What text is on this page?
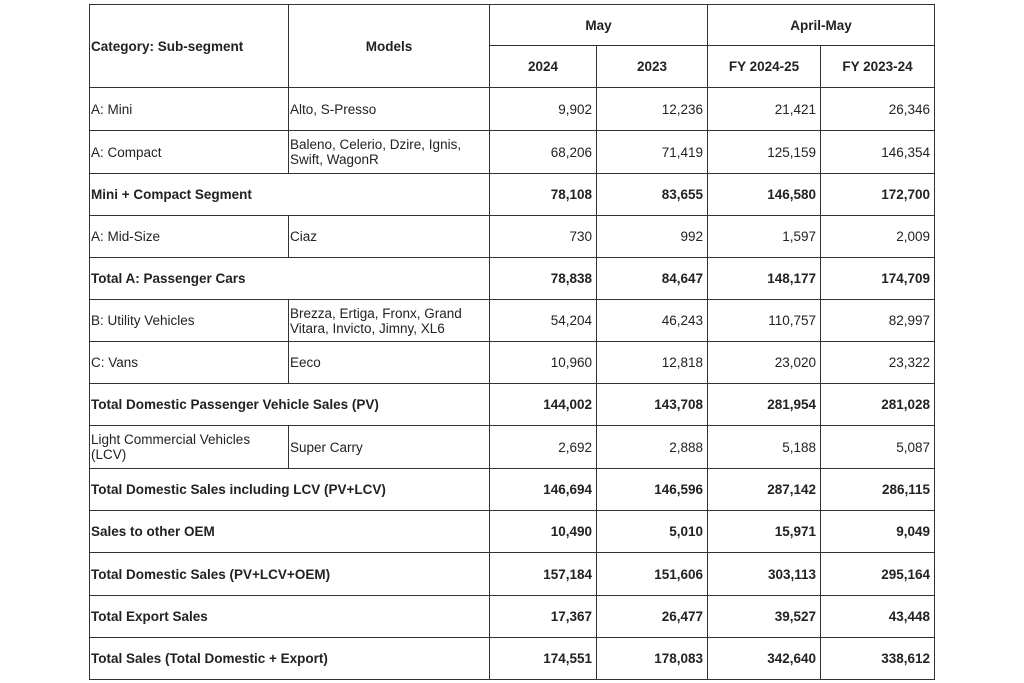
Category: Sub-segment	Models	May		April-May	
		2024	2023	FY 2024-25	FY 2023-24
A: Mini	Alto, S-Presso	9,902	12,236	21,421	26,346
A: Compact	Baleno, Celerio, Dzire, Ignis, Swift, WagonR	68,206	71,419	125,159	146,354
Mini + Compact Segment		78,108	83,655	146,580	172,700
A: Mid-Size	Ciaz	730	992	1,597	2,009
Total A: Passenger Cars		78,838	84,647	148,177	174,709
B: Utility Vehicles	Brezza, Ertiga, Fronx, Grand Vitara, Invicto, Jimny, XL6	54,204	46,243	110,757	82,997
C: Vans	Eeco	10,960	12,818	23,020	23,322
Total Domestic Passenger Vehicle Sales (PV)		144,002	143,708	281,954	281,028
Light Commercial Vehicles (LCV)	Super Carry	2,692	2,888	5,188	5,087
Total Domestic Sales including LCV (PV+LCV)		146,694	146,596	287,142	286,115
Sales to other OEM		10,490	5,010	15,971	9,049
Total Domestic Sales (PV+LCV+OEM)		157,184	151,606	303,113	295,164
Total Export Sales		17,367	26,477	39,527	43,448
Total Sales (Total Domestic + Export)		174,551	178,083	342,640	338,612
